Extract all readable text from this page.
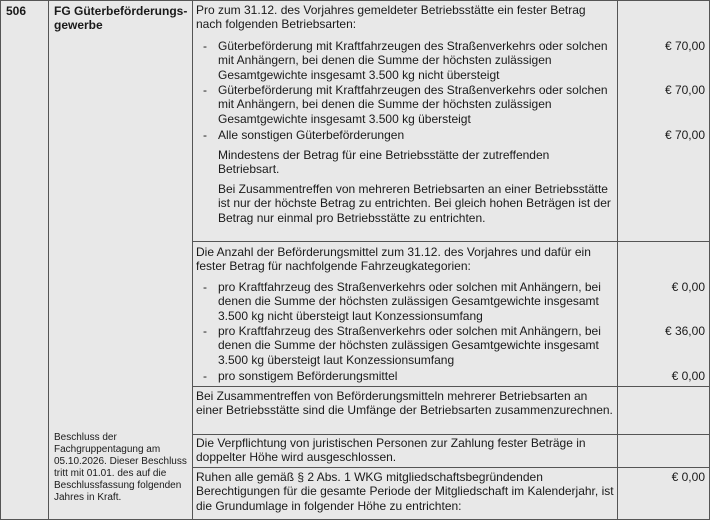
506 FG Güterbeförderungs-gewerbe
Beschluss der Fachgruppentagung am 05.10.2026. Dieser Beschluss tritt mit 01.01. des auf die Beschlussfassung folgenden Jahres in Kraft.
Pro zum 31.12. des Vorjahres gemeldeter Betriebsstätte ein fester Betrag nach folgenden Betriebsarten:
- Güterbeförderung mit Kraftfahrzeugen des Straßenverkehrs oder solchen mit Anhängern, bei denen die Summe der höchsten zulässigen Gesamtgewichte insgesamt 3.500 kg nicht übersteigt
- Güterbeförderung mit Kraftfahrzeugen des Straßenverkehrs oder solchen mit Anhängern, bei denen die Summe der höchsten zulässigen Gesamtgewichte insgesamt 3.500 kg übersteigt
- Alle sonstigen Güterbeförderungen
Mindestens der Betrag für eine Betriebsstätte der zutreffenden Betriebsart.
Bei Zusammentreffen von mehreren Betriebsarten an einer Betriebsstätte ist nur der höchste Betrag zu entrichten. Bei gleich hohen Beträgen ist der Betrag nur einmal pro Betriebsstätte zu entrichten.
Die Anzahl der Beförderungsmittel zum 31.12. des Vorjahres und dafür ein fester Betrag für nachfolgende Fahrzeugkategorien:
- pro Kraftfahrzeug des Straßenverkehrs oder solchen mit Anhängern, bei denen die Summe der höchsten zulässigen Gesamtgewichte insgesamt 3.500 kg nicht übersteigt laut Konzessionsumfang
- pro Kraftfahrzeug des Straßenverkehrs oder solchen mit Anhängern, bei denen die Summe der höchsten zulässigen Gesamtgewichte insgesamt 3.500 kg übersteigt laut Konzessionsumfang
- pro sonstigem Beförderungsmittel
Bei Zusammentreffen von Beförderungsmitteln mehrerer Betriebsarten an einer Betriebsstätte sind die Umfänge der Betriebsarten zusammenzurechnen.
Die Verpflichtung von juristischen Personen zur Zahlung fester Beträge in doppelter Höhe wird ausgeschlossen.
Ruhen alle gemäß § 2 Abs. 1 WKG mitgliedschaftsbegründenden Berechtigungen für die gesamte Periode der Mitgliedschaft im Kalenderjahr, ist die Grundumlage in folgender Höhe zu entrichten:
€ 70,00
€ 70,00
€ 70,00
€ 0,00
€ 36,00
€ 0,00
€ 0,00
